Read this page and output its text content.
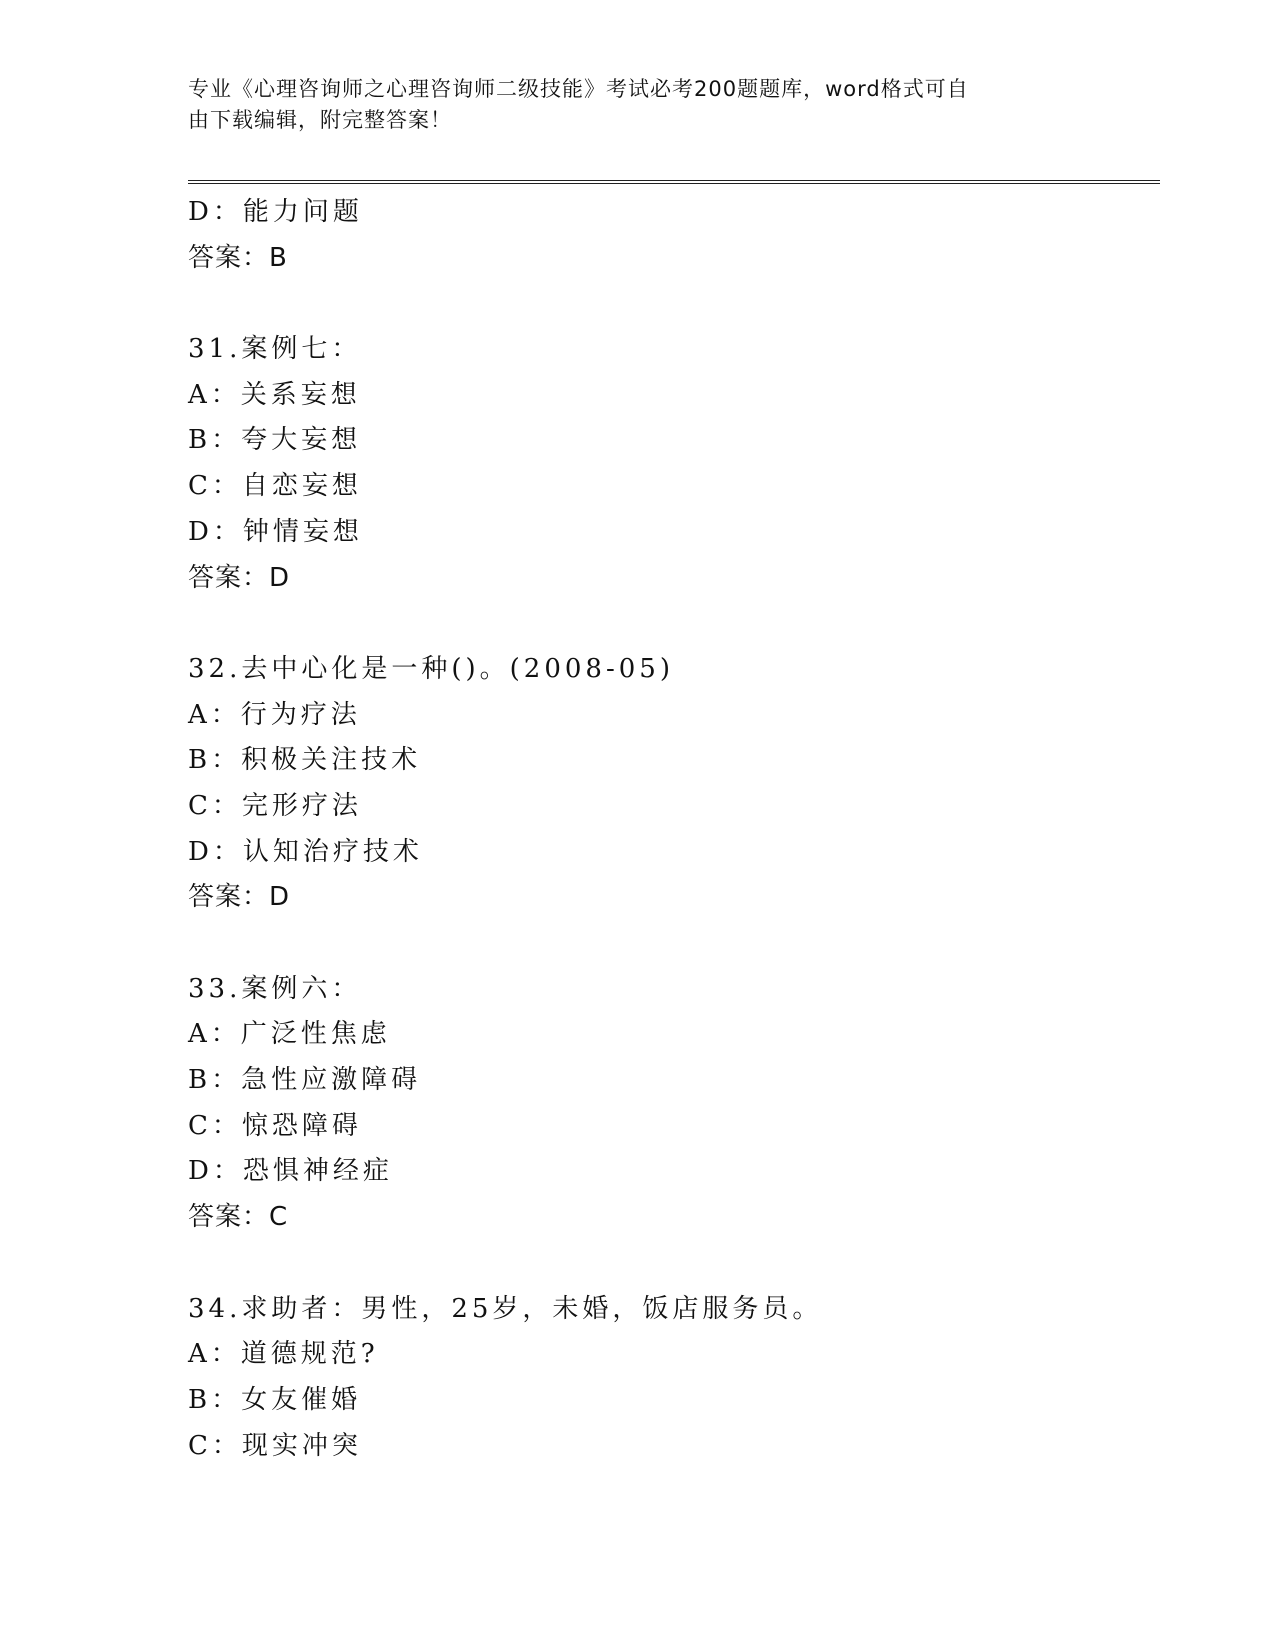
专业《心理咨询师之心理咨询师二级技能》考试必考200题题库，word格式可自
由下载编辑，附完整答案！
D：能力问题
答案：B
31.案例七：
A：关系妄想
B：夸大妄想
C：自恋妄想
D：钟情妄想
答案：D
32.去中心化是一种()。(2008-05)
A：行为疗法
B：积极关注技术
C：完形疗法
D：认知治疗技术
答案：D
33.案例六：
A：广泛性焦虑
B：急性应激障碍
C：惊恐障碍
D：恐惧神经症
答案：C
34.求助者：男性，25岁，未婚，饭店服务员。
A：道德规范?
B：女友催婚
C：现实冲突
